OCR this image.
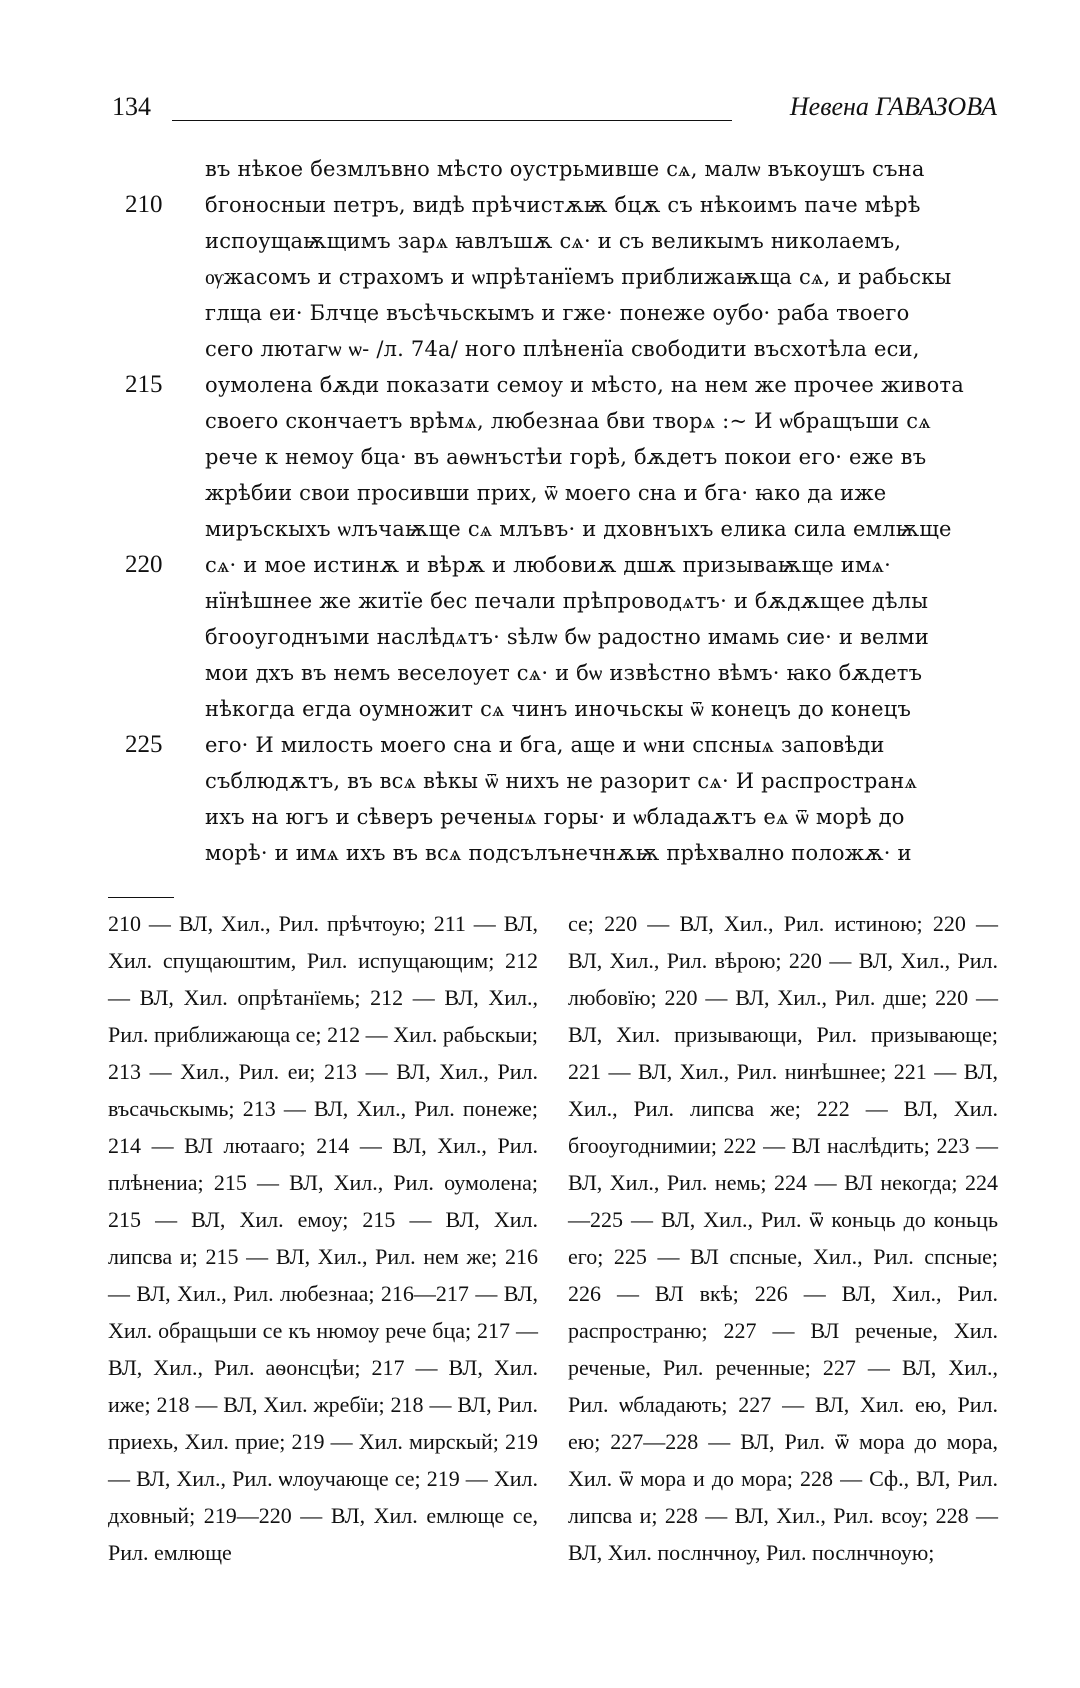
134	Невена ГАВАЗОВА
въ нѣкое безмлъвно мѣсто оустрьмивше сѧ, малѡ въкоушъ съна
210	бгоносныи петръ, видѣ прѣчистѫѭ бцѫ съ нѣкоимъ паче мѣрѣ
испоущаѭщимъ зарѧ ꙗвлъшѫ сѧ· и съ великымъ николаемъ,
ѹжасомъ и страхомъ и ѡпрѣтанїемъ приближаѭща сѧ, и рабьскы
глща еи· Блчце въсѣчьскымъ и гже· понеже оубо· раба твоего
сего лютагѡ ѡ- /л. 74а/ ного плѣненїа свободити въсхотѣла еси,
215	оумолена бѫди показати семоу и мѣсто, на нем же прочее живота
своего скончаетъ врѣмѧ, любезнаа бви творѧ :~ И ѡбращъши сѧ
рече к немоу бца· въ аѳѡнъстѣи горѣ, бѫдетъ покои его· еже въ
жрѣбии свои просивши прих, ѿ моего сна и бга· ꙗко да иже
миръскыхъ ѡлъчаѭще сѧ млъвъ· и дховнъıхъ елика сила емлѭще
220	сѧ· и мое истинѫ и вѣрѫ и любовиѫ дшѫ призываѭще имѧ·
нїнѣшнее же житїе бес печали прѣпроводѧтъ· и бѫдѫщее дѣлы
бгооугоднъıми наслѣдѧтъ· ѕѣлѡ бѡ радостно имамь сие· и велми
мои дхъ въ немъ веселоует сѧ· и бѡ извѣстно вѣмъ· ꙗко бѫдетъ
нѣкогда егда оумножит сѧ чинъ иночьскы ѿ конецъ до конецъ
225	его· И милость моего сна и бга, аще и ѡни спсныѧ заповѣди
съблюдѫтъ, въ всѧ вѣкы ѿ нихъ не разорит сѧ· И распространѧ
ихъ на югъ и сѣверъ реченыѧ горы· и ѡбладаѫтъ еѧ ѿ морѣ до
морѣ· и имѧ ихъ въ всѧ подсълънечнѫѭ прѣхвално положѫ· и
210 — ВЛ, Хил., Рил. прѣчтоую; 211 — ВЛ, Хил. спущаюштим, Рил. испущающим; 212 — ВЛ, Хил. опрѣтанїемь; 212 — ВЛ, Хил., Рил. приближающа се; 212 — Хил. рабьскыи; 213 — Хил., Рил. еи; 213 — ВЛ, Хил., Рил. въсачьскымь; 213 — ВЛ, Хил., Рил. понеже; 214 — ВЛ лютааго; 214 — ВЛ, Хил., Рил. плѣнениа; 215 — ВЛ, Хил., Рил. оумолена; 215 — ВЛ, Хил. емоу; 215 — ВЛ, Хил. липсва и; 215 — ВЛ, Хил., Рил. нем же; 216 — ВЛ, Хил., Рил. любезнаа; 216—217 — ВЛ, Хил. обращьши се къ нюмоу рече бца; 217 — ВЛ, Хил., Рил. аѳонсцѣи; 217 — ВЛ, Хил. иже; 218 — ВЛ, Хил. жребїи; 218 — ВЛ, Рил. приехь, Хил. прие; 219 — Хил. мирскый; 219 — ВЛ, Хил., Рил. ѡлоучающе се; 219 — Хил. дховный; 219—220 — ВЛ, Хил. емлюще се, Рил. емлюще
се; 220 — ВЛ, Хил., Рил. истиною; 220 — ВЛ, Хил., Рил. вѣрою; 220 — ВЛ, Хил., Рил. любовїю; 220 — ВЛ, Хил., Рил. дше; 220 — ВЛ, Хил. призывающи, Рил. призывающе; 221 — ВЛ, Хил., Рил. нинѣшнее; 221 — ВЛ, Хил., Рил. липсва же; 222 — ВЛ, Хил. бгооугоднимии; 222 — ВЛ наслѣдить; 223 — ВЛ, Хил., Рил. немь; 224 — ВЛ некогда; 224—225 — ВЛ, Хил., Рил. ѿ коньць до коньць его; 225 — ВЛ спсные, Хил., Рил. спсные; 226 — ВЛ вкѣ; 226 — ВЛ, Хил., Рил. распространю; 227 — ВЛ реченые, Хил. реченые, Рил. реченные; 227 — ВЛ, Хил., Рил. ѡбладають; 227 — ВЛ, Хил. ею, Рил. ею; 227—228 — ВЛ, Рил. ѿ мора до мора, Хил. ѿ мора и до мора; 228 — Сф., ВЛ, Рил. липсва и; 228 — ВЛ, Хил., Рил. всоу; 228 — ВЛ, Хил. послнчноу, Рил. послнчноую;
